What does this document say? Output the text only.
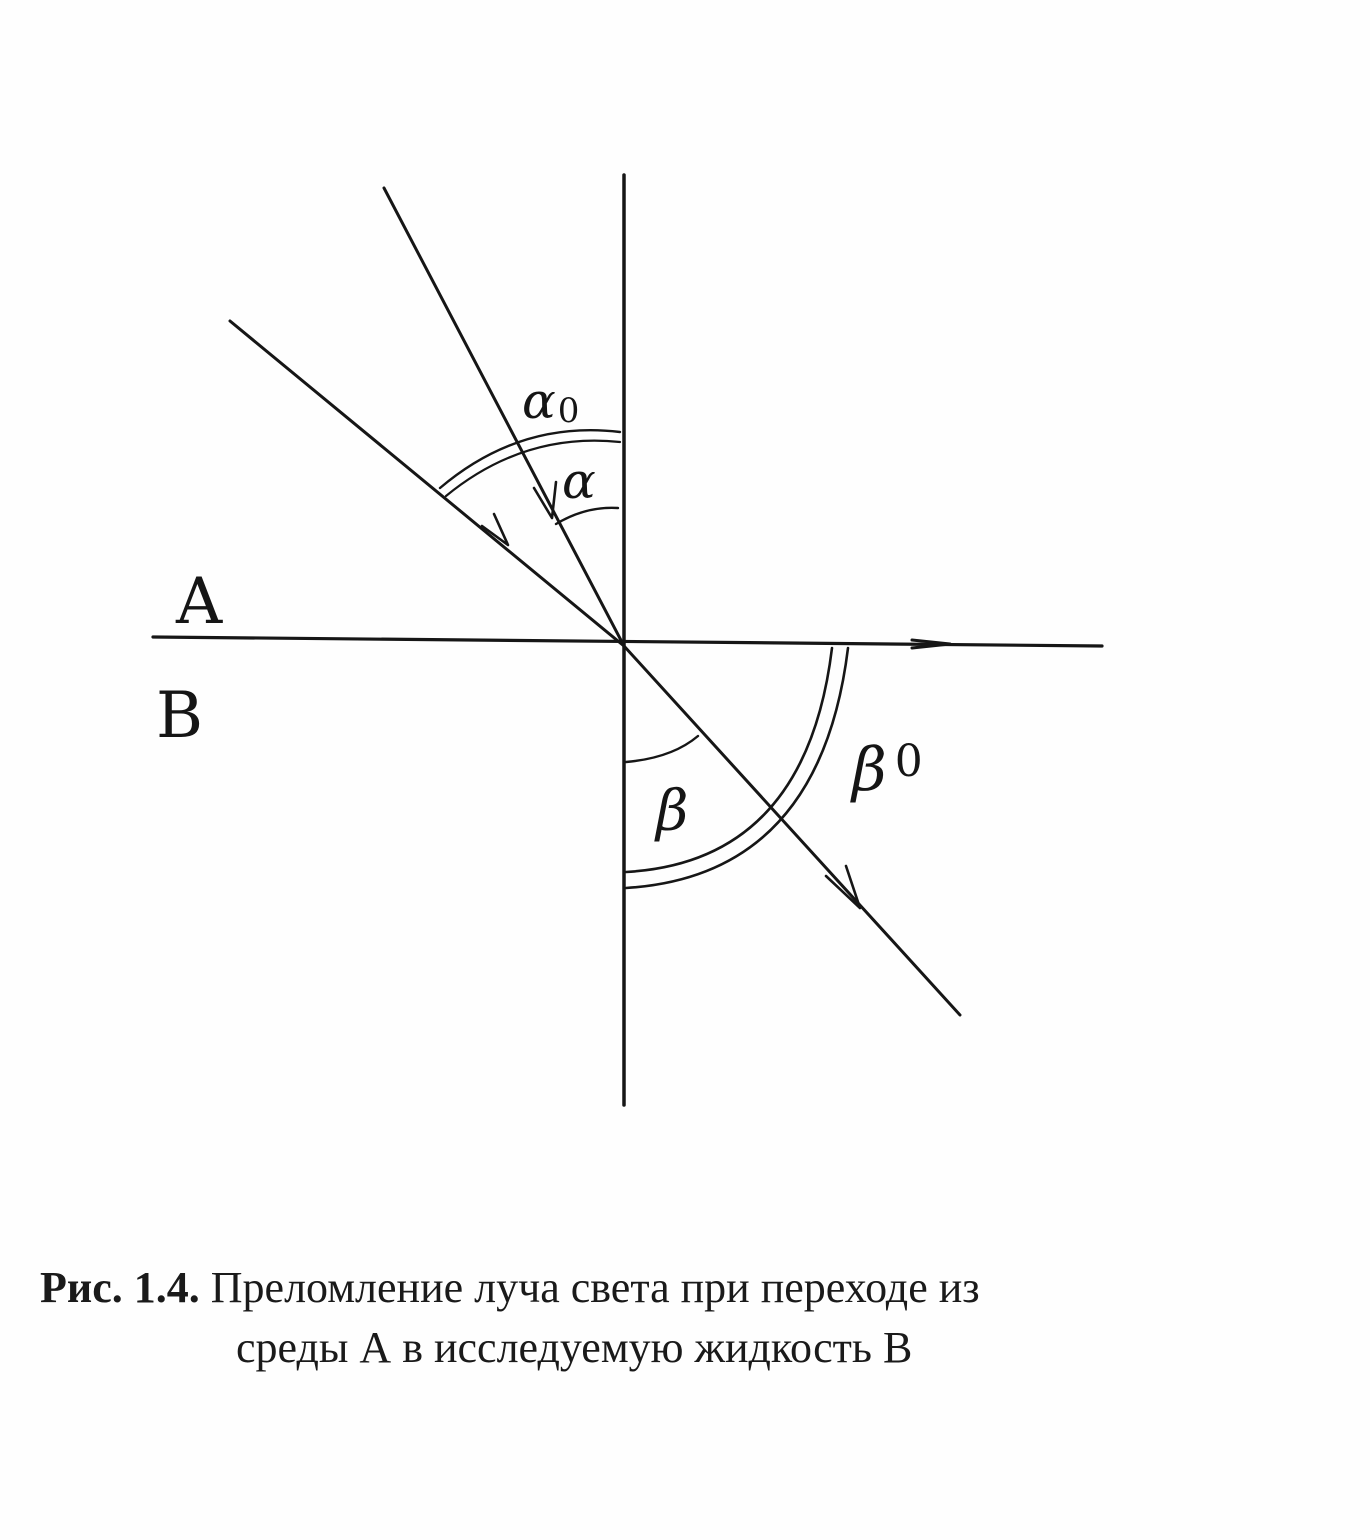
A
B
α0
α
β
β $^0$
Рис. 1.4. Преломление луча света при переходе из
среды А в исследуемую жидкость В
